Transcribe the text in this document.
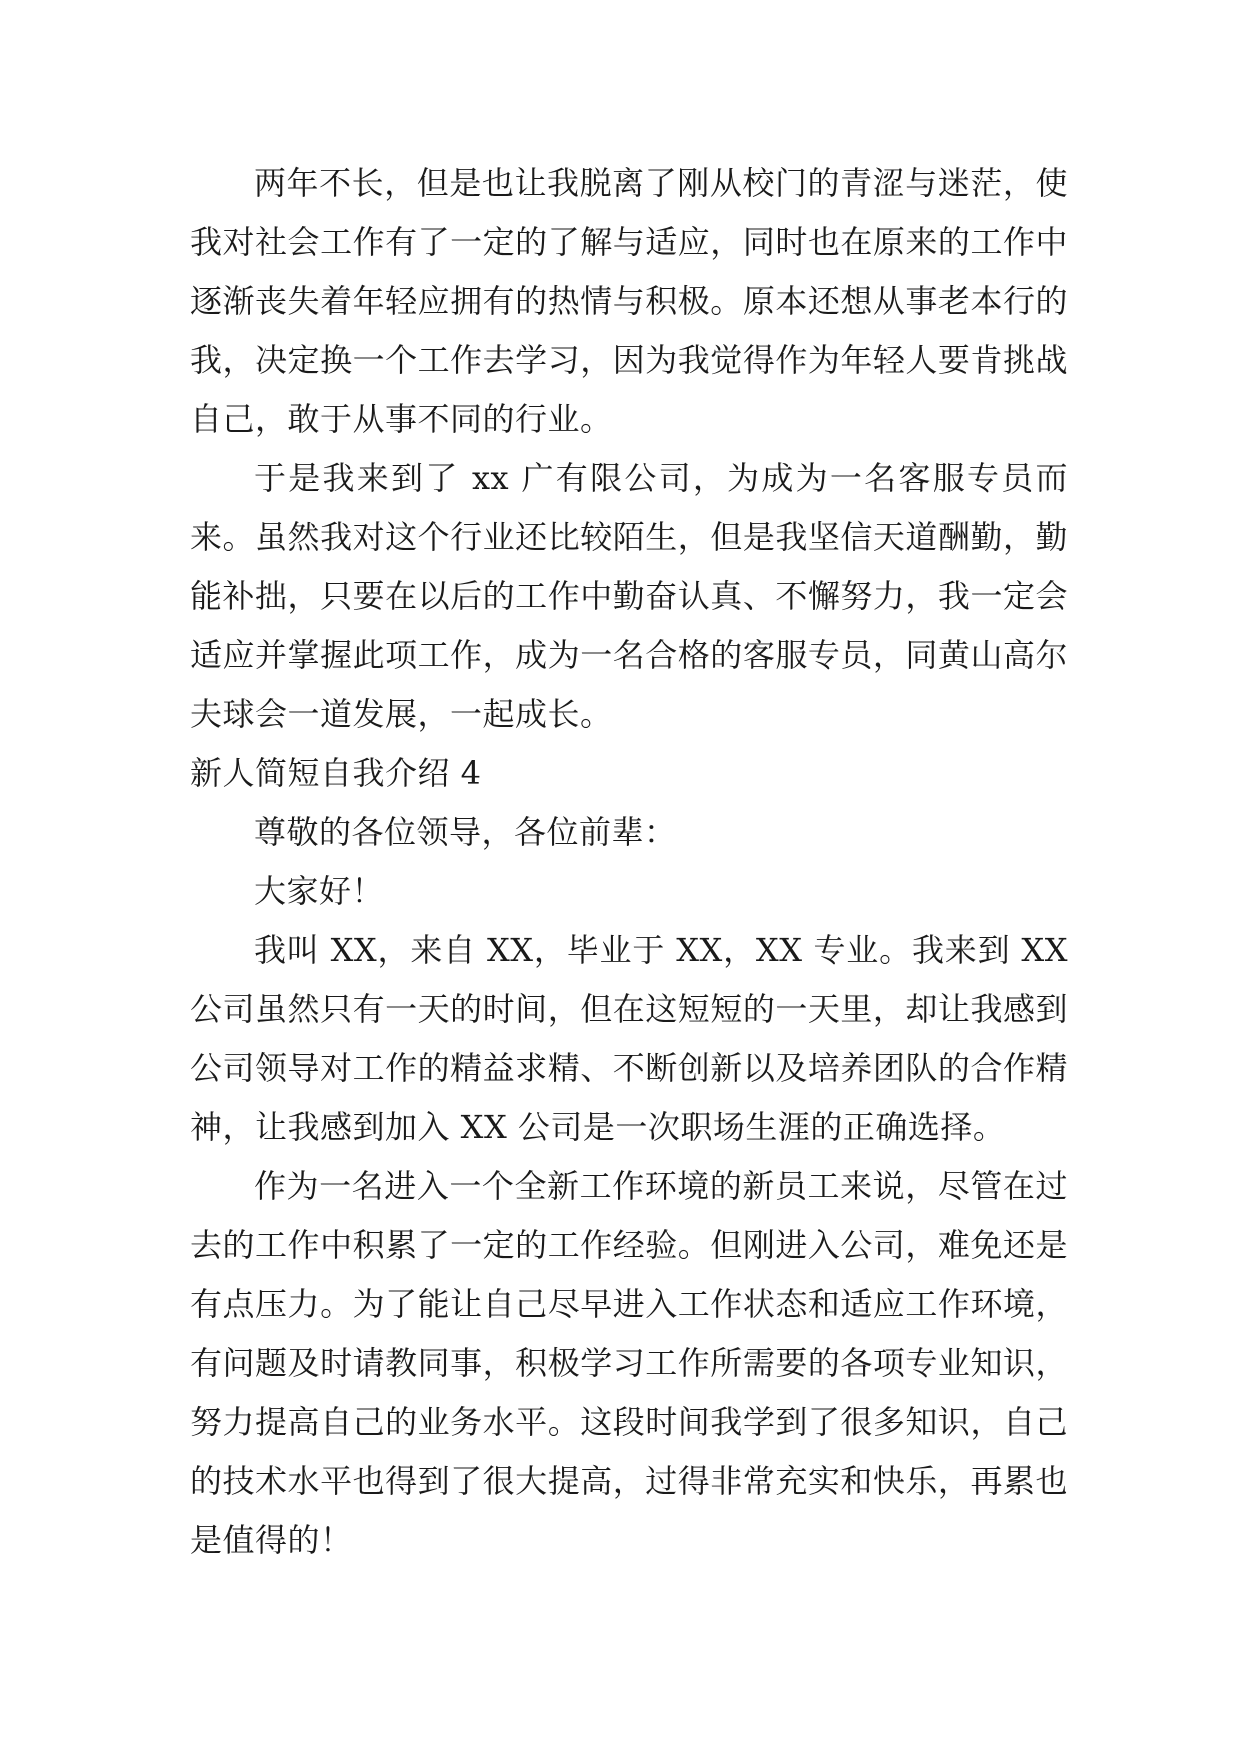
两年不长，但是也让我脱离了刚从校门的青涩与迷茫，使我对社会工作有了一定的了解与适应，同时也在原来的工作中逐渐丧失着年轻应拥有的热情与积极。原本还想从事老本行的我，决定换一个工作去学习，因为我觉得作为年轻人要肯挑战自己，敢于从事不同的行业。

于是我来到了 xx 广有限公司，为成为一名客服专员而来。虽然我对这个行业还比较陌生，但是我坚信天道酬勤，勤能补拙，只要在以后的工作中勤奋认真、不懈努力，我一定会适应并掌握此项工作，成为一名合格的客服专员，同黄山高尔夫球会一道发展，一起成长。

新人简短自我介绍 4

尊敬的各位领导，各位前辈：

大家好！

我叫 XX，来自 XX，毕业于 XX，XX 专业。我来到 XX 公司虽然只有一天的时间，但在这短短的一天里，却让我感到公司领导对工作的精益求精、不断创新以及培养团队的合作精神，让我感到加入 XX 公司是一次职场生涯的正确选择。

作为一名进入一个全新工作环境的新员工来说，尽管在过去的工作中积累了一定的工作经验。但刚进入公司，难免还是有点压力。为了能让自己尽早进入工作状态和适应工作环境，有问题及时请教同事，积极学习工作所需要的各项专业知识，努力提高自己的业务水平。这段时间我学到了很多知识，自己的技术水平也得到了很大提高，过得非常充实和快乐，再累也是值得的！
